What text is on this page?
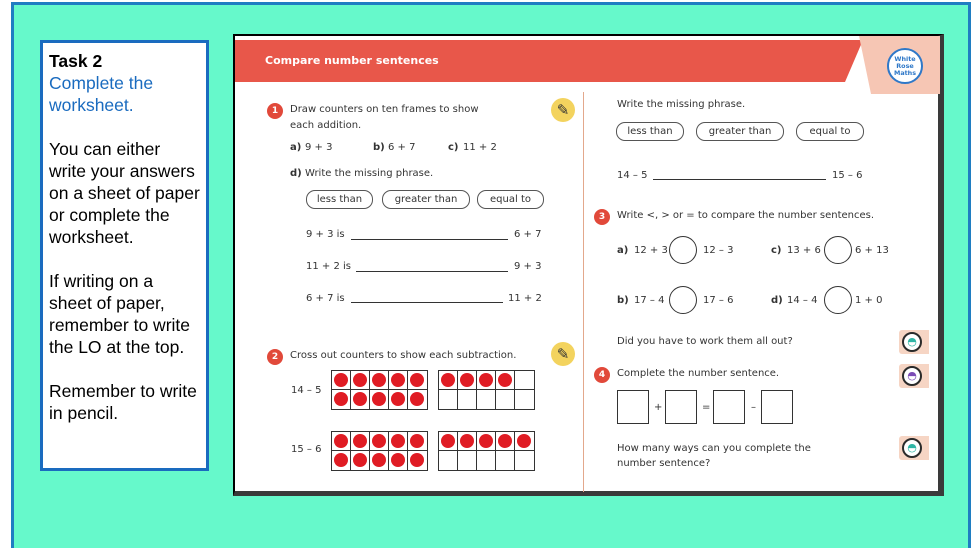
Task 2

Complete the worksheet.

You can either write your answers on a sheet of paper or complete the worksheet.

If writing on a sheet of paper, remember to write the LO at the top.

Remember to write in pencil.

Compare number sentences	White
Rose
Maths
1	Draw counters on ten frames to show
each addition.
✎
a) 9 + 3	b) 6 + 7	c) 11 + 2
d) Write the missing phrase.
less than	greater than	equal to
9 + 3 is	6 + 7
11 + 2 is	9 + 3
6 + 7 is	11 + 2
2	Cross out counters to show each subtraction.	✎
14 – 5
15 – 6
Write the missing phrase.
less than	greater than	equal to
14 – 5	15 – 6
3	Write <, > or = to compare the number sentences.
a) 12 + 3	12 – 3	c) 13 + 6	6 + 13
b) 17 – 4	17 – 6	d) 14 – 4	1 + 0
Did you have to work them all out?	◓
4	Complete the number sentence.	◓
+	=	–
How many ways can you complete the
number sentence?
◓
